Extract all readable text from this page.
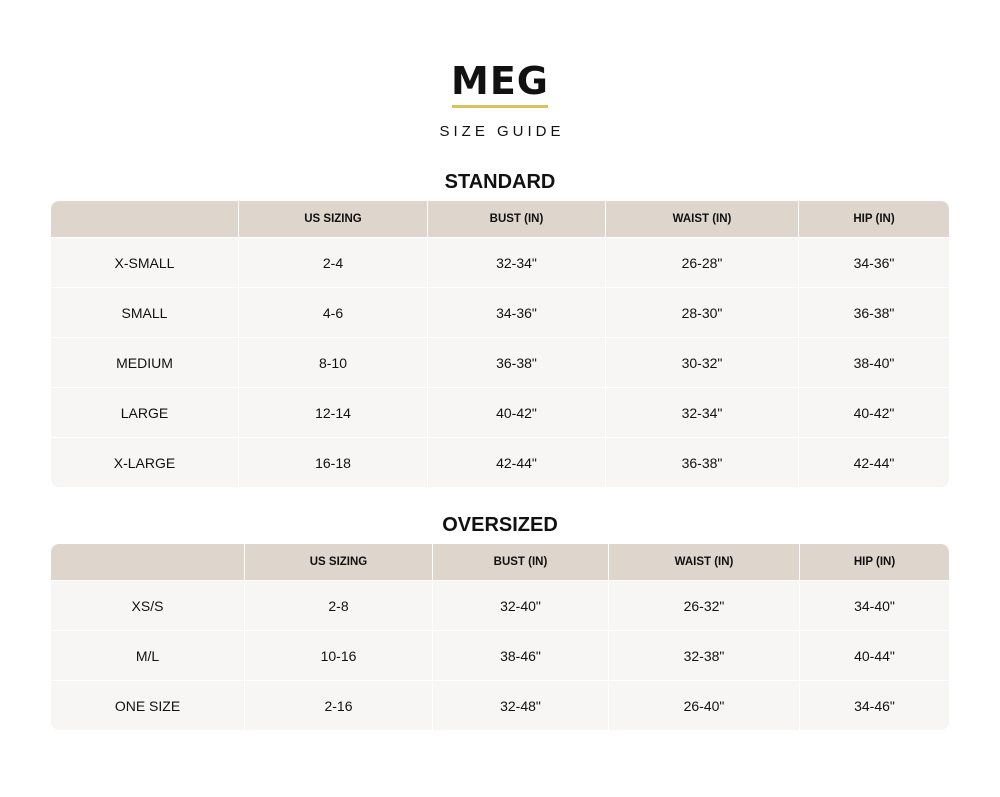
MEG
SIZE GUIDE
STANDARD
	US SIZING	BUST (IN)	WAIST (IN)	HIP (IN)
X-SMALL	2-4	32-34"	26-28"	34-36"
SMALL	4-6	34-36"	28-30"	36-38"
MEDIUM	8-10	36-38"	30-32"	38-40"
LARGE	12-14	40-42"	32-34"	40-42"
X-LARGE	16-18	42-44"	36-38"	42-44"
OVERSIZED
	US SIZING	BUST (IN)	WAIST (IN)	HIP (IN)
XS/S	2-8	32-40"	26-32"	34-40"
M/L	10-16	38-46"	32-38"	40-44"
ONE SIZE	2-16	32-48"	26-40"	34-46"
